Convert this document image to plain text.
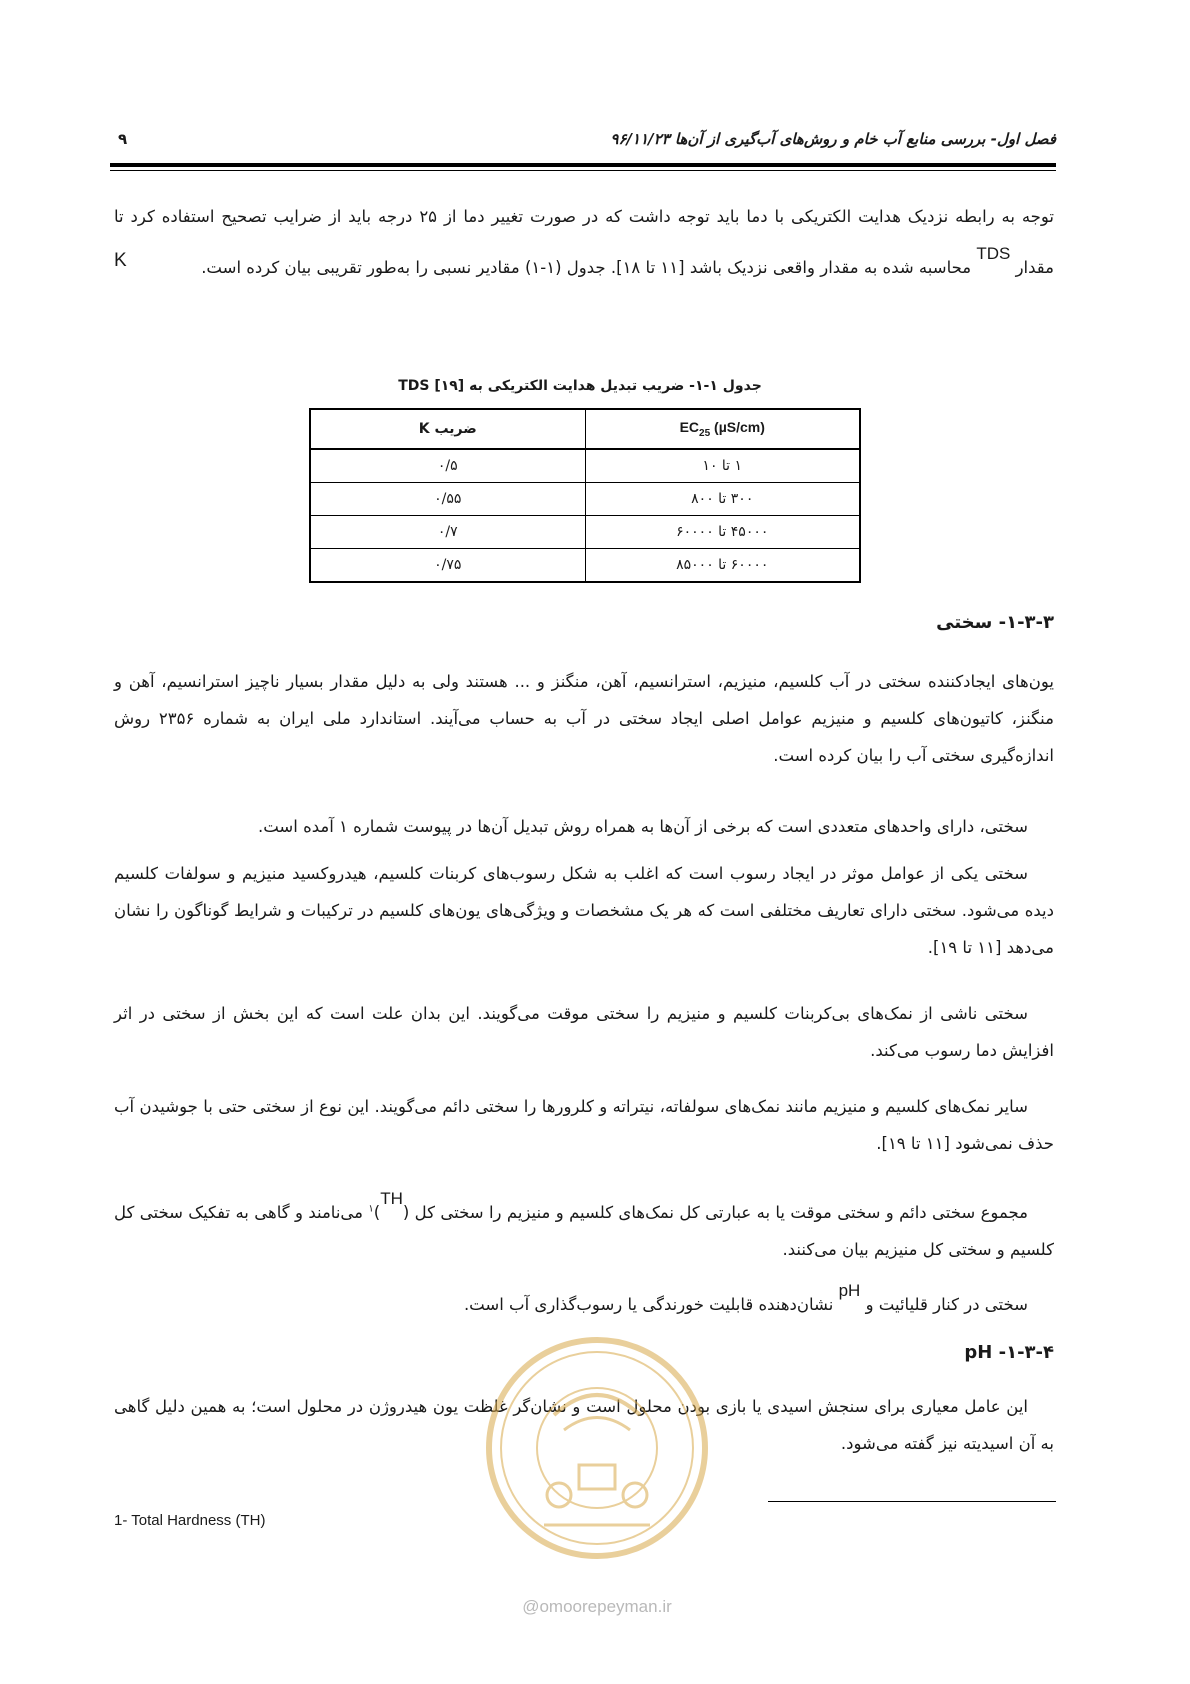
فصل اول- بررسی منابع آب خام و روش‌های آب‌گیری از آن‌ها ۹۶/۱۱/۲۳
۹
توجه به رابطه نزدیک هدایت الکتریکی با دما باید توجه داشت که در صورت تغییر دما از ۲۵ درجه باید از ضرایب تصحیح استفاده کرد تا مقدار $^{TDS}$ محاسبه شده به مقدار واقعی نزدیک باشد [۱۱ تا ۱۸]. جدول (۱-۱) مقادیر نسبی را به‌طور تقریبی بیان کرده است.
K
جدول ۱-۱- ضریب تبدیل هدایت الکتریکی به TDS [۱۹]
$EC_{25}$ (µS/cm)	ضریب K
۱ تا ۱۰	۰/۵
۳۰۰ تا ۸۰۰	۰/۵۵
۴۵۰۰۰ تا ۶۰۰۰۰	۰/۷
۶۰۰۰۰ تا ۸۵۰۰۰	۰/۷۵
۱-۳-۳- سختی
یون‌های ایجادکننده سختی در آب کلسیم، منیزیم، استرانسیم، آهن، منگنز و ... هستند ولی به دلیل مقدار بسیار ناچیز استرانسیم، آهن و منگنز، کاتیون‌های کلسیم و منیزیم عوامل اصلی ایجاد سختی در آب به حساب می‌آیند. استاندارد ملی ایران به شماره ۲۳۵۶ روش اندازه‌گیری سختی آب را بیان کرده است.
سختی، دارای واحدهای متعددی است که برخی از آن‌ها به همراه روش تبدیل آن‌ها در پیوست شماره ۱ آمده است.
سختی یکی از عوامل موثر در ایجاد رسوب است که اغلب به شکل رسوب‌های کربنات کلسیم، هیدروکسید منیزیم و سولفات کلسیم دیده می‌شود. سختی دارای تعاریف مختلفی است که هر یک مشخصات و ویژگی‌های یون‌های کلسیم در ترکیبات و شرایط گوناگون را نشان می‌دهد [۱۱ تا ۱۹].
سختی ناشی از نمک‌های بی‌کربنات کلسیم و منیزیم را سختی موقت می‌گویند. این بدان علت است که این بخش از سختی در اثر افزایش دما رسوب می‌کند.
سایر نمک‌های کلسیم و منیزیم مانند نمک‌های سولفاته، نیتراته و کلرورها را سختی دائم می‌گویند. این نوع از سختی حتی با جوشیدن آب حذف نمی‌شود [۱۱ تا ۱۹].
مجموع سختی دائم و سختی موقت یا به عبارتی کل نمک‌های کلسیم و منیزیم را سختی کل $(^{TH})^۱$ می‌نامند و گاهی به تفکیک سختی کل کلسیم و سختی کل منیزیم بیان می‌کنند.
سختی در کنار قلیائیت و $^{pH}$ نشان‌دهنده قابلیت خورندگی یا رسوب‌گذاری آب است.
۱-۳-۴- pH
این عامل معیاری برای سنجش اسیدی یا بازی بودن محلول است و نشان‌گر غلظت یون هیدروژن در محلول است؛ به همین دلیل گاهی به آن اسیدیته نیز گفته می‌شود.
1- Total Hardness (TH)
@omoorepeyman.ir
